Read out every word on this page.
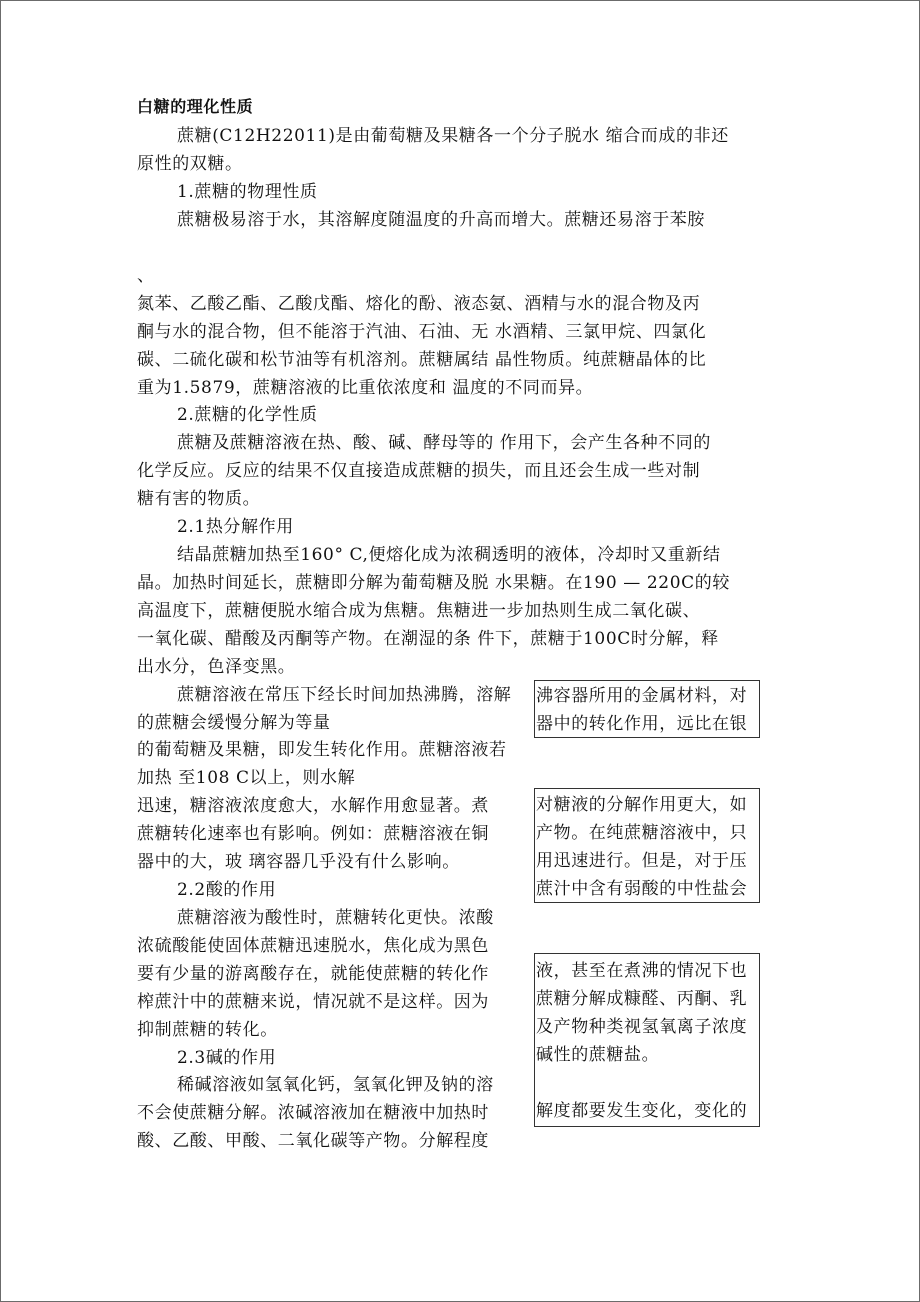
白糖的理化性质
蔗糖(C12H22011)是由葡萄糖及果糖各一个分子脱水 缩合而成的非还
原性的双糖。
1.蔗糖的物理性质
蔗糖极易溶于水，其溶解度随温度的升高而增大。蔗糖还易溶于苯胺
、
氮苯、乙酸乙酯、乙酸戊酯、熔化的酚、液态氨、酒精与水的混合物及丙
酮与水的混合物，但不能溶于汽油、石油、无 水酒精、三氯甲烷、四氯化
碳、二硫化碳和松节油等有机溶剂。蔗糖属结 晶性物质。纯蔗糖晶体的比
重为1.5879，蔗糖溶液的比重依浓度和 温度的不同而异。
2.蔗糖的化学性质
蔗糖及蔗糖溶液在热、酸、碱、酵母等的 作用下，会产生各种不同的
化学反应。反应的结果不仅直接造成蔗糖的损失，而且还会生成一些对制
糖有害的物质。
2.1热分解作用
结晶蔗糖加热至160° C,便熔化成为浓稠透明的液体，冷却时又重新结
晶。加热时间延长，蔗糖即分解为葡萄糖及脱 水果糖。在190 — 220C的较
高温度下，蔗糖便脱水缩合成为焦糖。焦糖进一步加热则生成二氧化碳、
一氧化碳、醋酸及丙酮等产物。在潮湿的条 件下，蔗糖于100C时分解，释
出水分，色泽变黑。
蔗糖溶液在常压下经长时间加热沸腾，溶解
的蔗糖会缓慢分解为等量
的葡萄糖及果糖，即发生转化作用。蔗糖溶液若
加热 至108 C以上，则水解
迅速，糖溶液浓度愈大，水解作用愈显著。煮
蔗糖转化速率也有影响。例如：蔗糖溶液在铜
器中的大，玻 璃容器几乎没有什么影响。
2.2酸的作用
蔗糖溶液为酸性时，蔗糖转化更快。浓酸
浓硫酸能使固体蔗糖迅速脱水，焦化成为黑色
要有少量的游离酸存在，就能使蔗糖的转化作
榨蔗汁中的蔗糖来说，情况就不是这样。因为
抑制蔗糖的转化。
2.3碱的作用
稀碱溶液如氢氧化钙，氢氧化钾及钠的溶
不会使蔗糖分解。浓碱溶液加在糖液中加热时
酸、乙酸、甲酸、二氧化碳等产物。分解程度
沸容器所用的金属材料，对
器中的转化作用，远比在银
对糖液的分解作用更大，如
产物。在纯蔗糖溶液中，只
用迅速进行。但是，对于压
蔗汁中含有弱酸的中性盐会
液，甚至在煮沸的情况下也
蔗糖分解成糠醛、丙酮、乳
及产物种类视氢氧离子浓度
碱性的蔗糖盐。
解度都要发生变化，变化的
